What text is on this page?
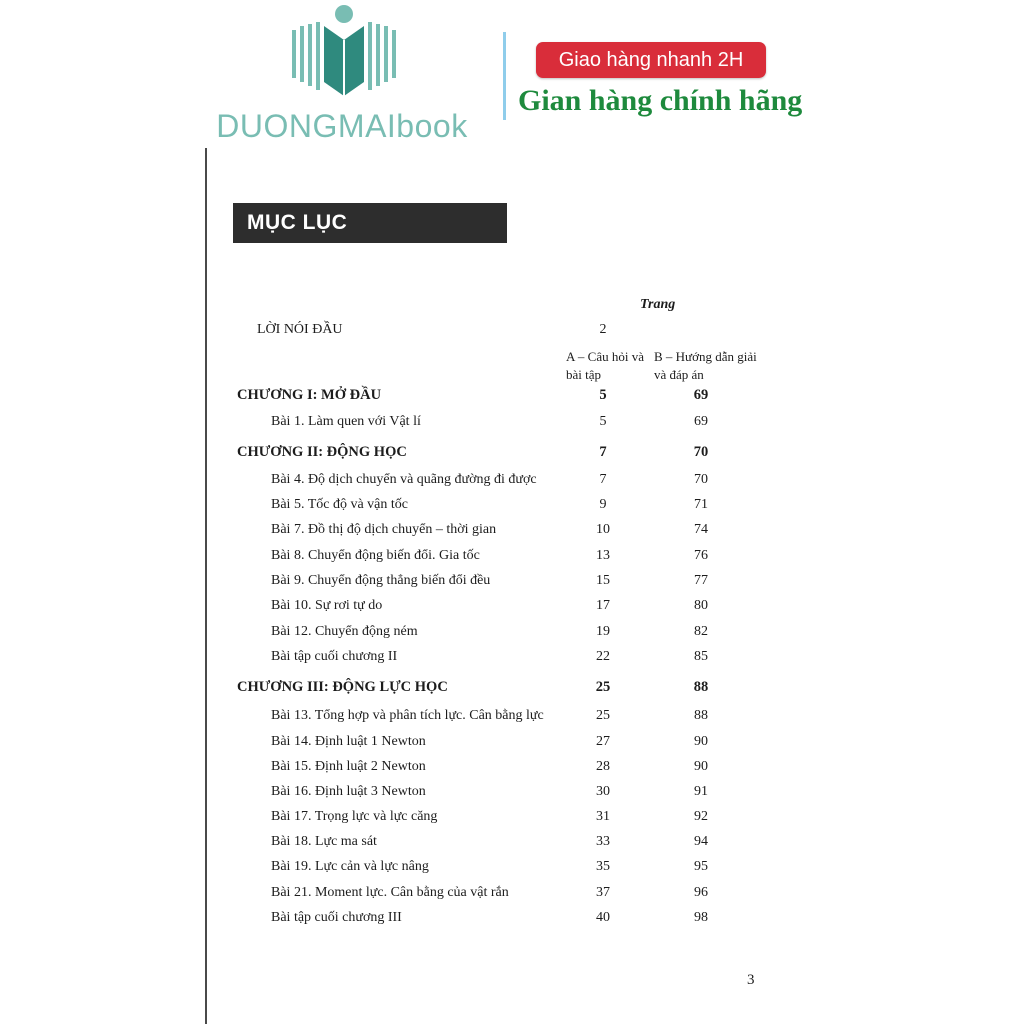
DUONGMAIbook
Giao hàng nhanh 2H
Gian hàng chính hãng
MỤC LỤC
Trang
LỜI NÓI ĐẦU	2
A – Câu hỏi và bài tập
B – Hướng dẫn giải và đáp án
CHƯƠNG I: MỞ ĐẦU	5	69
Bài 1. Làm quen với Vật lí	5	69
CHƯƠNG II: ĐỘNG HỌC	7	70
Bài 4. Độ dịch chuyển và quãng đường đi được	7	70
Bài 5. Tốc độ và vận tốc	9	71
Bài 7. Đồ thị độ dịch chuyển – thời gian	10	74
Bài 8. Chuyển động biến đổi. Gia tốc	13	76
Bài 9. Chuyển động thẳng biến đổi đều	15	77
Bài 10. Sự rơi tự do	17	80
Bài 12. Chuyển động ném	19	82
Bài tập cuối chương II	22	85
CHƯƠNG III: ĐỘNG LỰC HỌC	25	88
Bài 13. Tổng hợp và phân tích lực. Cân bằng lực	25	88
Bài 14. Định luật 1 Newton	27	90
Bài 15. Định luật 2 Newton	28	90
Bài 16. Định luật 3 Newton	30	91
Bài 17. Trọng lực và lực căng	31	92
Bài 18. Lực ma sát	33	94
Bài 19. Lực cản và lực nâng	35	95
Bài 21. Moment lực. Cân bằng của vật rắn	37	96
Bài tập cuối chương III	40	98
3
